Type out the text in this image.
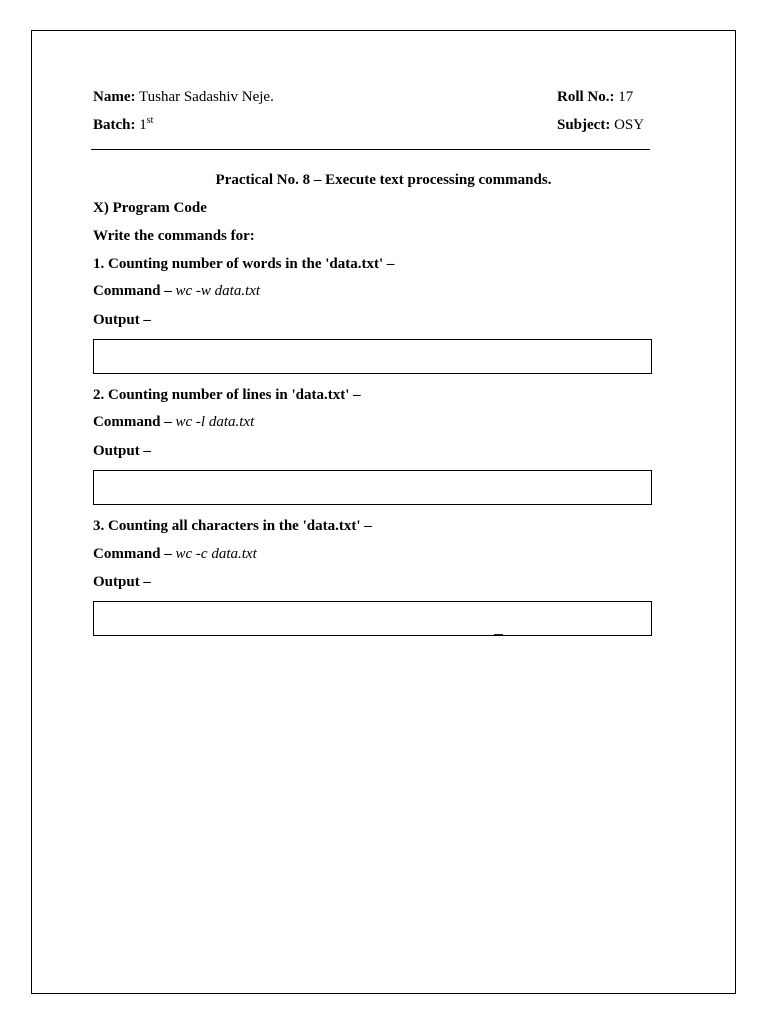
Name: Tushar Sadashiv Neje.	Roll No.: 17
Batch: 1st	Subject: OSY
Practical No. 8 – Execute text processing commands.
X) Program Code
Write the commands for:
1. Counting number of words in the 'data.txt' –
Command – wc -w data.txt
Output –

2. Counting number of lines in 'data.txt' –
Command – wc -l data.txt
Output –

3. Counting all characters in the 'data.txt' –
Command – wc -c data.txt
Output –
